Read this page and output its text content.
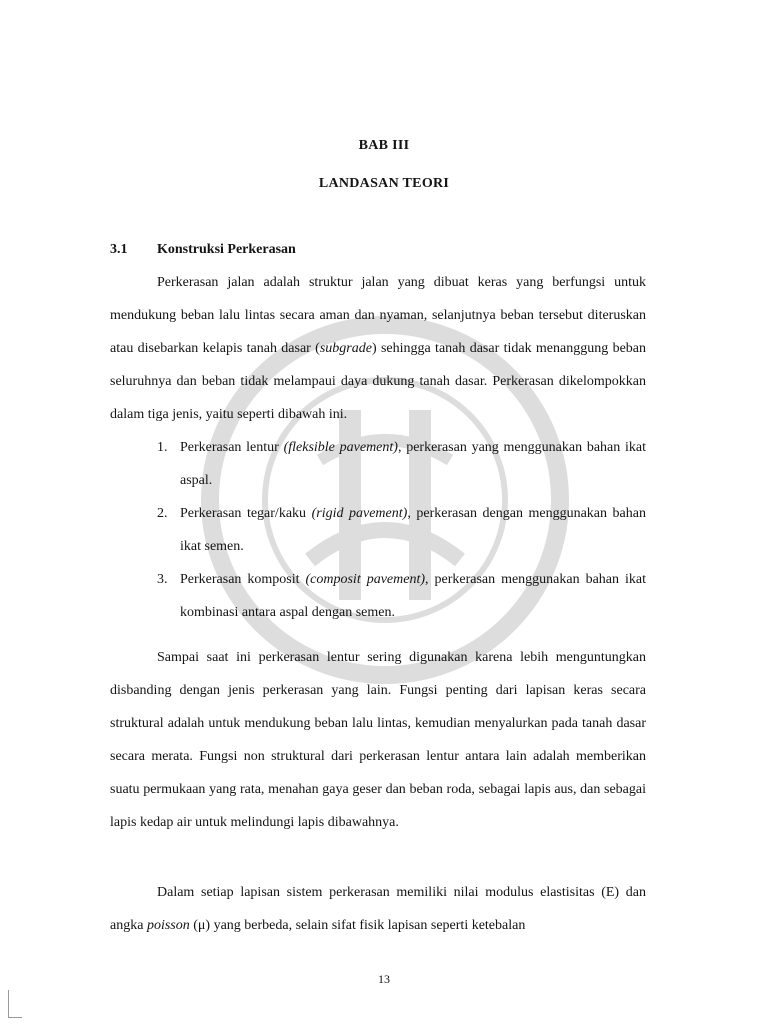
BAB III
LANDASAN TEORI
3.1 Konstruksi Perkerasan
Perkerasan jalan adalah struktur jalan yang dibuat keras yang berfungsi untuk mendukung beban lalu lintas secara aman dan nyaman, selanjutnya beban tersebut diteruskan atau disebarkan kelapis tanah dasar (subgrade) sehingga tanah dasar tidak menanggung beban seluruhnya dan beban tidak melampaui daya dukung tanah dasar. Perkerasan dikelompokkan dalam tiga jenis, yaitu seperti dibawah ini.
1. Perkerasan lentur (fleksible pavement), perkerasan yang menggunakan bahan ikat aspal.
2. Perkerasan tegar/kaku (rigid pavement), perkerasan dengan menggunakan bahan ikat semen.
3. Perkerasan komposit (composit pavement), perkerasan menggunakan bahan ikat kombinasi antara aspal dengan semen.
Sampai saat ini perkerasan lentur sering digunakan karena lebih menguntungkan disbanding dengan jenis perkerasan yang lain. Fungsi penting dari lapisan keras secara struktural adalah untuk mendukung beban lalu lintas, kemudian menyalurkan pada tanah dasar secara merata. Fungsi non struktural dari perkerasan lentur antara lain adalah memberikan suatu permukaan yang rata, menahan gaya geser dan beban roda, sebagai lapis aus, dan sebagai lapis kedap air untuk melindungi lapis dibawahnya.
Dalam setiap lapisan sistem perkerasan memiliki nilai modulus elastisitas (E) dan angka poisson (μ) yang berbeda, selain sifat fisik lapisan seperti ketebalan
13
